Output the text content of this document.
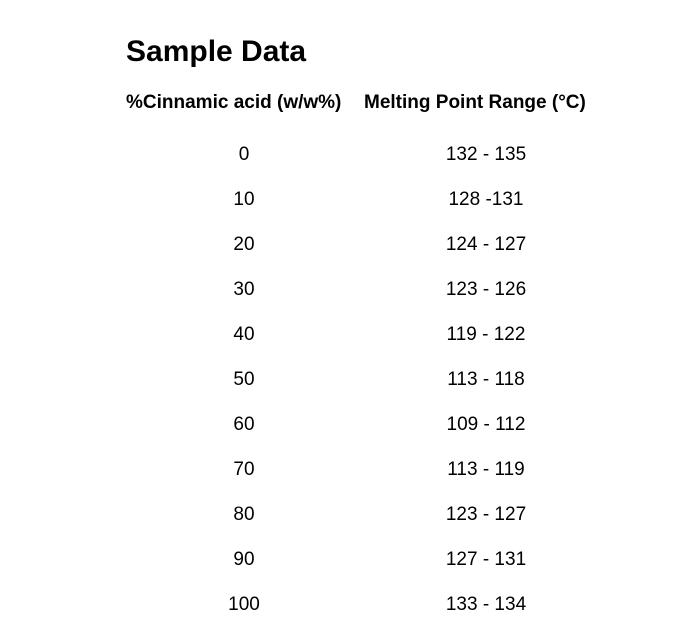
Sample Data
%Cinnamic acid (w/w%)	Melting Point Range (°C)
0	132 - 135
10	128 -131
20	124 - 127
30	123 - 126
40	119 - 122
50	113 - 118
60	109 - 112
70	113 - 119
80	123 - 127
90	127 - 131
100	133 - 134
